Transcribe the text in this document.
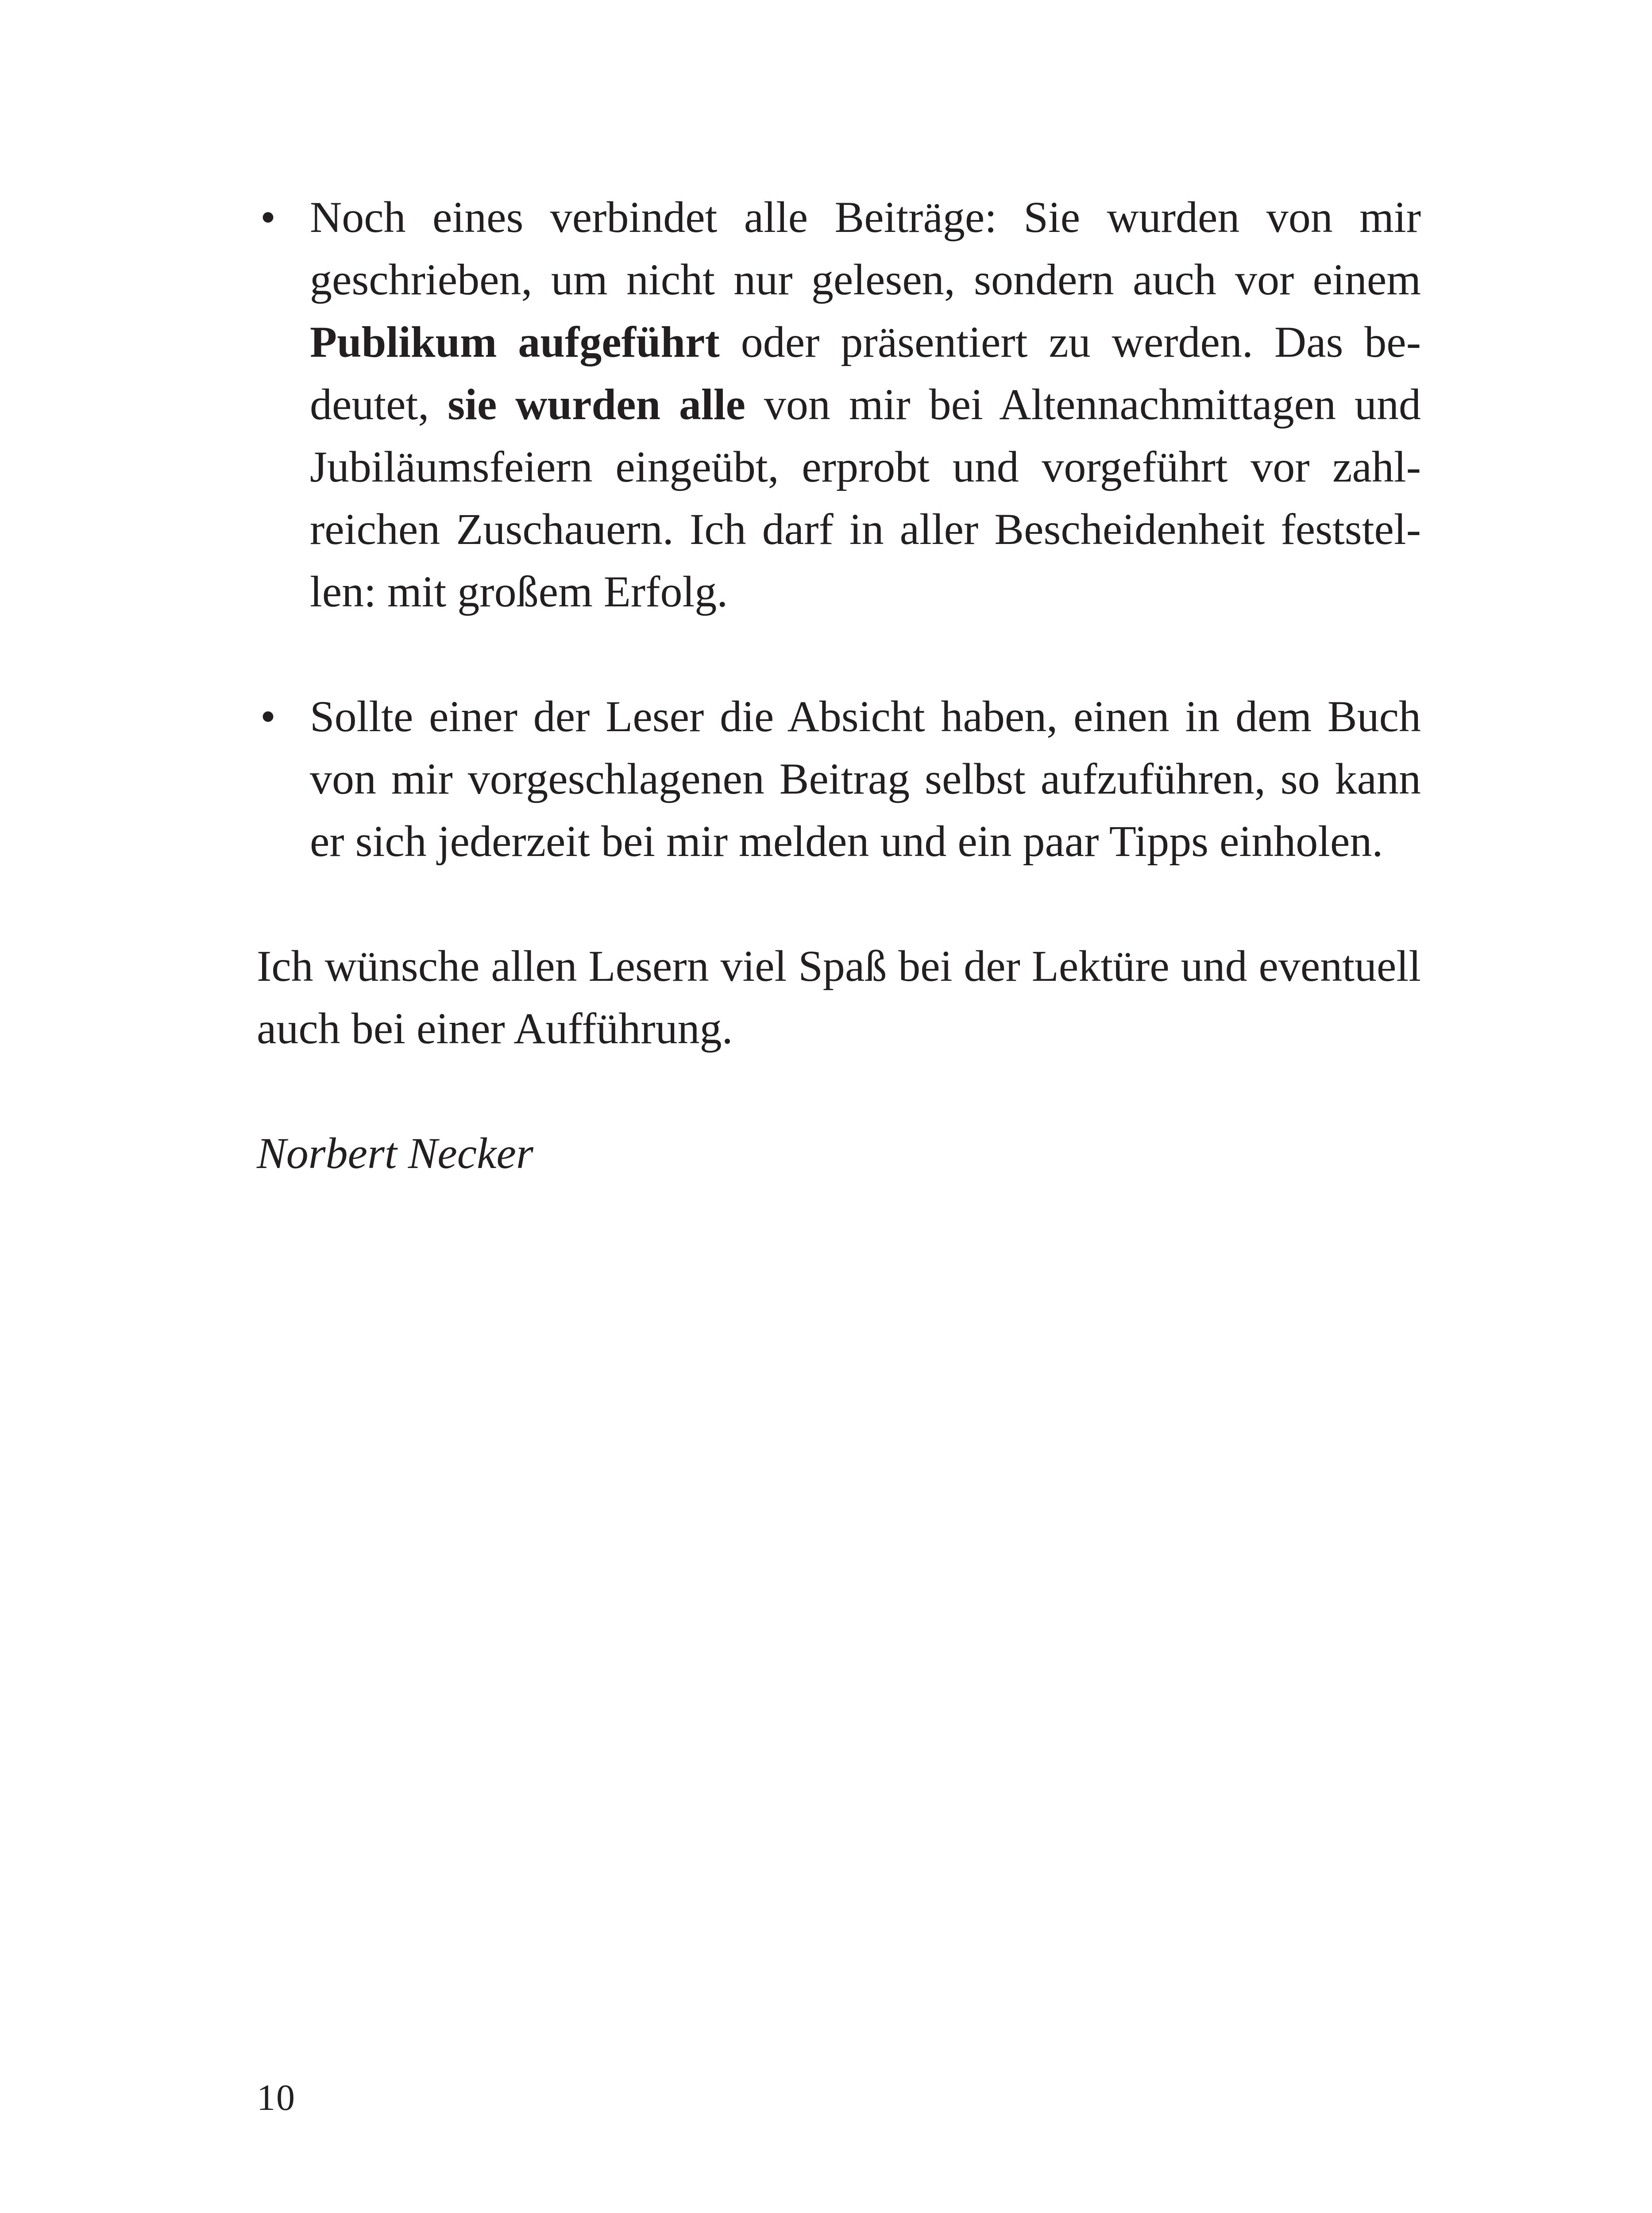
• Noch eines verbindet alle Beiträge: Sie wurden von mir geschrieben, um nicht nur gelesen, sondern auch vor einem Publikum aufgeführt oder präsentiert zu werden. Das bedeutet, sie wurden alle von mir bei Altennachmittagen und Jubiläumsfeiern eingeübt, erprobt und vorgeführt vor zahlreichen Zuschauern. Ich darf in aller Bescheidenheit feststellen: mit großem Erfolg.
• Sollte einer der Leser die Absicht haben, einen in dem Buch von mir vorgeschlagenen Beitrag selbst aufzuführen, so kann er sich jederzeit bei mir melden und ein paar Tipps einholen.

Ich wünsche allen Lesern viel Spaß bei der Lektüre und eventuell auch bei einer Aufführung.

Norbert Necker

10
